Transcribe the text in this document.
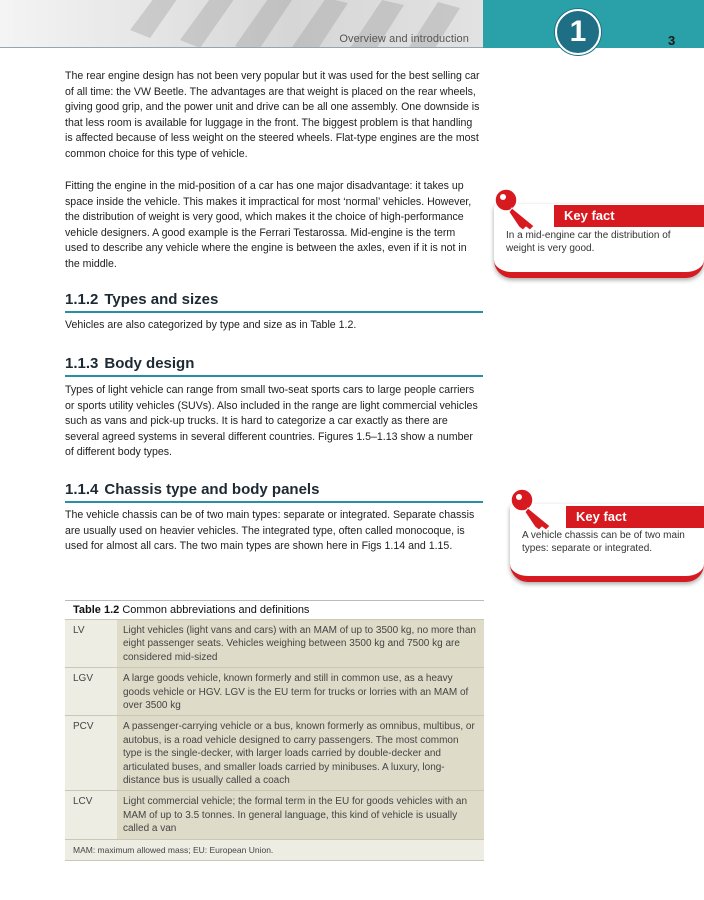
Overview and introduction	1	3

The rear engine design has not been very popular but it was used for the best selling car of all time: the VW Beetle. The advantages are that weight is placed on the rear wheels, giving good grip, and the power unit and drive can be all one assembly. One downside is that less room is available for luggage in the front. The biggest problem is that handling is affected because of less weight on the steered wheels. Flat-type engines are the most common choice for this type of vehicle.

Fitting the engine in the mid-position of a car has one major disadvantage: it takes up space inside the vehicle. This makes it impractical for most ‘normal’ vehicles. However, the distribution of weight is very good, which makes it the choice of high-performance vehicle designers. A good example is the Ferrari Testarossa. Mid-engine is the term used to describe any vehicle where the engine is between the axles, even if it is not in the middle.

1.1.2 Types and sizes

Vehicles are also categorized by type and size as in Table 1.2.

1.1.3 Body design

Types of light vehicle can range from small two-seat sports cars to large people carriers or sports utility vehicles (SUVs). Also included in the range are light commercial vehicles such as vans and pick-up trucks. It is hard to categorize a car exactly as there are several agreed systems in several different countries. Figures 1.5–1.13 show a number of different body types.

1.1.4 Chassis type and body panels

The vehicle chassis can be of two main types: separate or integrated. Separate chassis are usually used on heavier vehicles. The integrated type, often called monocoque, is used for almost all cars. The two main types are shown here in Figs 1.14 and 1.15.

Key fact
In a mid-engine car the distribution of weight is very good.
Key fact
A vehicle chassis can be of two main types: separate or integrated.
Table 1.2 Common abbreviations and definitions
LV	Light vehicles (light vans and cars) with an MAM of up to 3500 kg, no more than eight passenger seats. Vehicles weighing between 3500 kg and 7500 kg are considered mid-sized
LGV	A large goods vehicle, known formerly and still in common use, as a heavy goods vehicle or HGV. LGV is the EU term for trucks or lorries with an MAM of over 3500 kg
PCV	A passenger-carrying vehicle or a bus, known formerly as omnibus, multibus, or autobus, is a road vehicle designed to carry passengers. The most common type is the single-decker, with larger loads carried by double-decker and articulated buses, and smaller loads carried by minibuses. A luxury, long-distance bus is usually called a coach
LCV	Light commercial vehicle; the formal term in the EU for goods vehicles with an MAM of up to 3.5 tonnes. In general language, this kind of vehicle is usually called a van
MAM: maximum allowed mass; EU: European Union.
